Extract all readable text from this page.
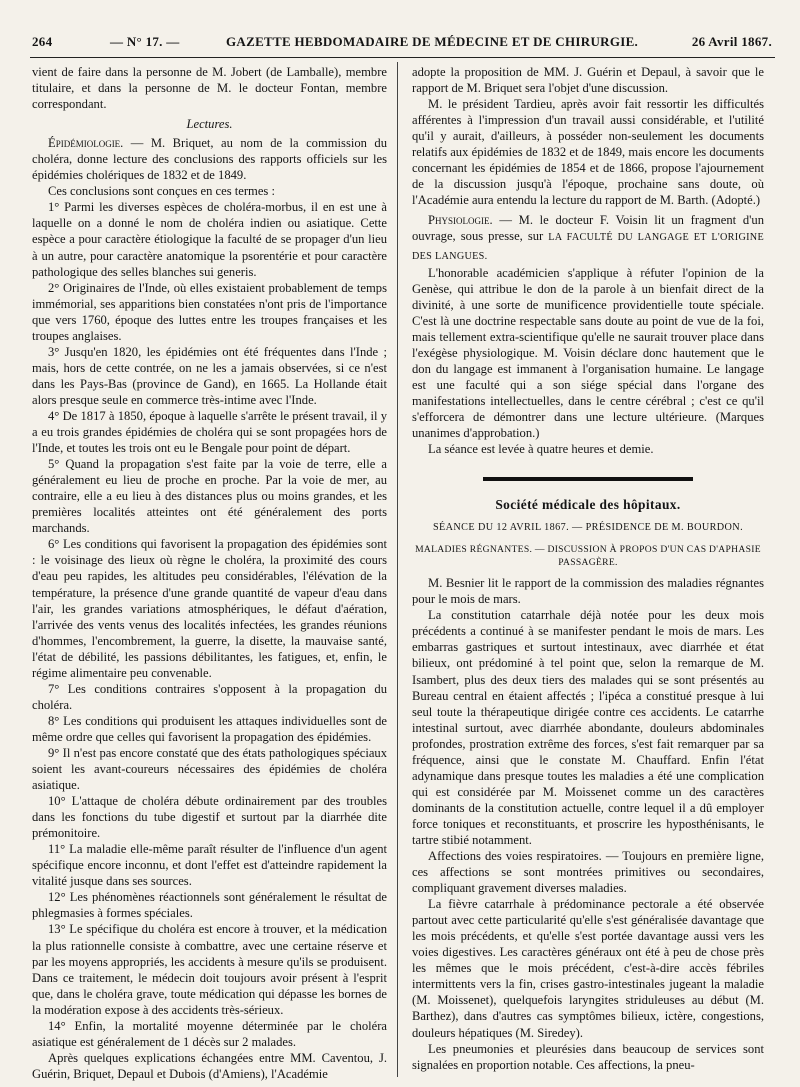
264	— N° 17. —	GAZETTE HEBDOMADAIRE DE MÉDECINE ET DE CHIRURGIE.	26 Avril 1867.

vient de faire dans la personne de M. Jobert (de Lamballe), membre titulaire, et dans la personne de M. le docteur Fontan, membre correspondant.

Lectures.

Épidémiologie. — M. Briquet, au nom de la commission du choléra, donne lecture des conclusions des rapports officiels sur les épidémies cholériques de 1832 et de 1849.

Ces conclusions sont conçues en ces termes :

1° Parmi les diverses espèces de choléra-morbus, il en est une à laquelle on a donné le nom de choléra indien ou asiatique. Cette espèce a pour caractère étiologique la faculté de se propager d'un lieu à un autre, pour caractère anatomique la psorentérie et pour caractère pathologique des selles blanches sui generis.

2° Originaires de l'Inde, où elles existaient probablement de temps immémorial, ses apparitions bien constatées n'ont pris de l'importance que vers 1760, époque des luttes entre les troupes françaises et les troupes anglaises.

3° Jusqu'en 1820, les épidémies ont été fréquentes dans l'Inde ; mais, hors de cette contrée, on ne les a jamais observées, si ce n'est dans les Pays-Bas (province de Gand), en 1665. La Hollande était alors presque seule en commerce très-intime avec l'Inde.

4° De 1817 à 1850, époque à laquelle s'arrête le présent travail, il y a eu trois grandes épidémies de choléra qui se sont propagées hors de l'Inde, et toutes les trois ont eu le Bengale pour point de départ.

5° Quand la propagation s'est faite par la voie de terre, elle a généralement eu lieu de proche en proche. Par la voie de mer, au contraire, elle a eu lieu à des distances plus ou moins grandes, et les premières localités atteintes ont été généralement des ports marchands.

6° Les conditions qui favorisent la propagation des épidémies sont : le voisinage des lieux où règne le choléra, la proximité des cours d'eau peu rapides, les altitudes peu considérables, l'élévation de la température, la présence d'une grande quantité de vapeur d'eau dans l'air, les grandes variations atmosphériques, le défaut d'aération, l'arrivée des vents venus des localités infectées, les grandes réunions d'hommes, l'encombrement, la guerre, la disette, la mauvaise santé, l'état de débilité, les passions débilitantes, les fatigues, et, enfin, le régime alimentaire peu convenable.

7° Les conditions contraires s'opposent à la propagation du choléra.

8° Les conditions qui produisent les attaques individuelles sont de même ordre que celles qui favorisent la propagation des épidémies.

9° Il n'est pas encore constaté que des états pathologiques spéciaux soient les avant-coureurs nécessaires des épidémies de choléra asiatique.

10° L'attaque de choléra débute ordinairement par des troubles dans les fonctions du tube digestif et surtout par la diarrhée dite prémonitoire.

11° La maladie elle-même paraît résulter de l'influence d'un agent spécifique encore inconnu, et dont l'effet est d'atteindre rapidement la vitalité jusque dans ses sources.

12° Les phénomènes réactionnels sont généralement le résultat de phlegmasies à formes spéciales.

13° Le spécifique du choléra est encore à trouver, et la médication la plus rationnelle consiste à combattre, avec une certaine réserve et par les moyens appropriés, les accidents à mesure qu'ils se produisent. Dans ce traitement, le médecin doit toujours avoir présent à l'esprit que, dans le choléra grave, toute médication qui dépasse les bornes de la modération expose à des accidents très-sérieux.

14° Enfin, la mortalité moyenne déterminée par le choléra asiatique est généralement de 1 décès sur 2 malades.

Après quelques explications échangées entre MM. Caventou, J. Guérin, Briquet, Depaul et Dubois (d'Amiens), l'Académie

adopte la proposition de MM. J. Guérin et Depaul, à savoir que le rapport de M. Briquet sera l'objet d'une discussion.

M. le président Tardieu, après avoir fait ressortir les difficultés afférentes à l'impression d'un travail aussi considérable, et l'utilité qu'il y aurait, d'ailleurs, à posséder non-seulement les documents relatifs aux épidémies de 1832 et de 1849, mais encore les documents concernant les épidémies de 1854 et de 1866, propose l'ajournement de la discussion jusqu'à l'époque, prochaine sans doute, où l'Académie aura entendu la lecture du rapport de M. Barth. (Adopté.)

Physiologie. — M. le docteur F. Voisin lit un fragment d'un ouvrage, sous presse, sur LA FACULTÉ DU LANGAGE ET L'ORIGINE DES LANGUES.

L'honorable académicien s'applique à réfuter l'opinion de la Genèse, qui attribue le don de la parole à un bienfait direct de la divinité, à une sorte de munificence providentielle toute spéciale. C'est là une doctrine respectable sans doute au point de vue de la foi, mais tellement extra-scientifique qu'elle ne saurait trouver place dans l'exégèse physiologique. M. Voisin déclare donc hautement que le don du langage est immanent à l'organisation humaine. Le langage est une faculté qui a son siége spécial dans l'organe des manifestations intellectuelles, dans le centre cérébral ; c'est ce qu'il s'efforcera de démontrer dans une lecture ultérieure. (Marques unanimes d'approbation.)

La séance est levée à quatre heures et demie.

Société médicale des hôpitaux.
SÉANCE DU 12 AVRIL 1867. — PRÉSIDENCE DE M. BOURDON.
MALADIES RÉGNANTES. — DISCUSSION À PROPOS D'UN CAS D'APHASIE PASSAGÈRE.

M. Besnier lit le rapport de la commission des maladies régnantes pour le mois de mars.

La constitution catarrhale déjà notée pour les deux mois précédents a continué à se manifester pendant le mois de mars. Les embarras gastriques et surtout intestinaux, avec diarrhée et état bilieux, ont prédominé à tel point que, selon la remarque de M. Isambert, plus des deux tiers des malades qui se sont présentés au Bureau central en étaient affectés ; l'ipéca a constitué presque à lui seul toute la thérapeutique dirigée contre ces accidents. Le catarrhe intestinal surtout, avec diarrhée abondante, douleurs abdominales profondes, prostration extrême des forces, s'est fait remarquer par sa fréquence, ainsi que le constate M. Chauffard. Enfin l'état adynamique dans presque toutes les maladies a été une complication qui est considérée par M. Moissenet comme un des caractères dominants de la constitution actuelle, contre lequel il a dû employer force toniques et reconstituants, et proscrire les hyposthénisants, le tartre stibié notamment.

Affections des voies respiratoires. — Toujours en première ligne, ces affections se sont montrées primitives ou secondaires, compliquant gravement diverses maladies.

La fièvre catarrhale à prédominance pectorale a été observée partout avec cette particularité qu'elle s'est généralisée davantage que les mois précédents, et qu'elle s'est portée davantage aussi vers les voies digestives. Les caractères généraux ont été à peu de chose près les mêmes que le mois précédent, c'est-à-dire accès fébriles intermittents vers la fin, crises gastro-intestinales jugeant la maladie (M. Moissenet), quelquefois laryngites striduleuses au début (M. Barthez), dans d'autres cas symptômes bilieux, ictère, congestions, douleurs hépatiques (M. Siredey).

Les pneumonies et pleurésies dans beaucoup de services sont signalées en proportion notable. Ces affections, la pneu-
